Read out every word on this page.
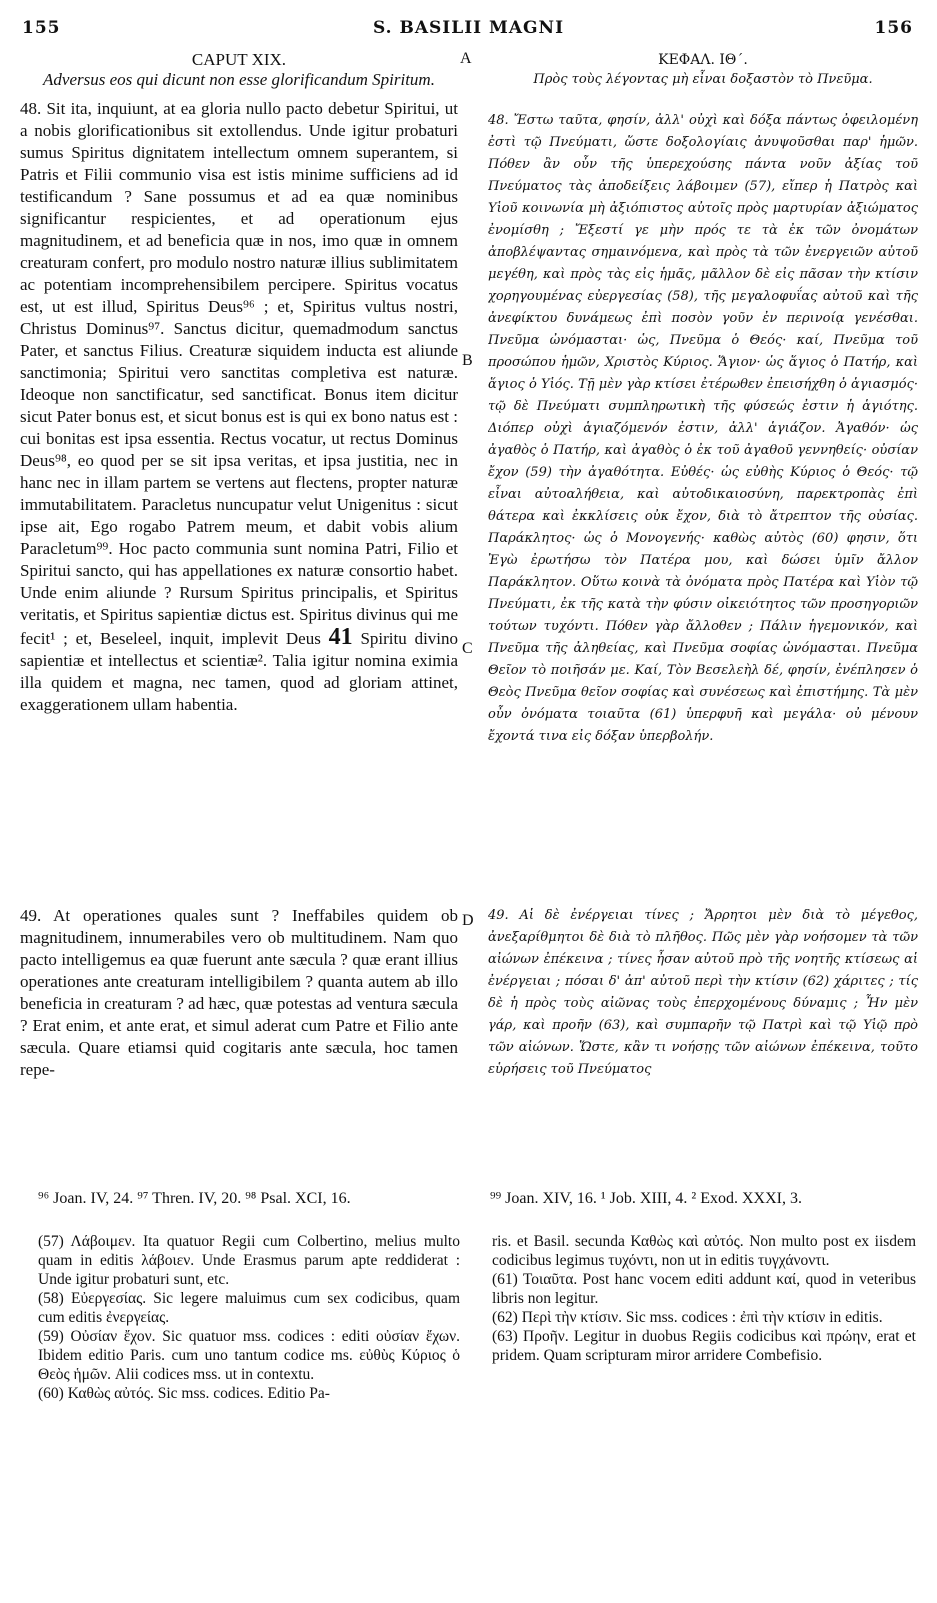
155	S. BASILII MAGNI	156

CAPUT XIX.

Adversus eos qui dicunt non esse glorificandum Spiritum.

48. Sit ita, inquiunt, at ea gloria nullo pacto debetur Spiritui, ut a nobis glorificationibus sit extollendus. Unde igitur probaturi sumus Spiritus dignitatem intellectum omnem superantem, si Patris et Filii communio visa est istis minime sufficiens ad id testificandum ? Sane possumus et ad ea quæ nominibus significantur respicientes, et ad operationum ejus magnitudinem, et ad beneficia quæ in nos, imo quæ in omnem creaturam confert, pro modulo nostro naturæ illius sublimitatem ac potentiam incomprehensibilem percipere. Spiritus vocatus est, ut est illud, Spiritus Deus⁹⁶ ; et, Spiritus vultus nostri, Christus Dominus⁹⁷. Sanctus dicitur, quemadmodum sanctus Pater, et sanctus Filius. Creaturæ siquidem inducta est aliunde sanctimonia; Spiritui vero sanctitas completiva est naturæ. Ideoque non sanctificatur, sed sanctificat. Bonus item dicitur sicut Pater bonus est, et sicut bonus est is qui ex bono natus est : cui bonitas est ipsa essentia. Rectus vocatur, ut rectus Dominus Deus⁹⁸, eo quod per se sit ipsa veritas, et ipsa justitia, nec in hanc nec in illam partem se vertens aut flectens, propter naturæ immutabilitatem. Paracletus nuncupatur velut Unigenitus : sicut ipse ait, Ego rogabo Patrem meum, et dabit vobis alium Paracletum⁹⁹. Hoc pacto communia sunt nomina Patri, Filio et Spiritui sancto, qui has appellationes ex naturæ consortio habet. Unde enim aliunde ? Rursum Spiritus principalis, et Spiritus veritatis, et Spiritus sapientiæ dictus est. Spiritus divinus qui me fecit¹ ; et, Beseleel, inquit, implevit Deus 41 Spiritu divino sapientiæ et intellectus et scientiæ². Talia igitur nomina eximia illa quidem et magna, nec tamen, quod ad gloriam attinet, exaggerationem ullam habentia.

ΚΕΦΑΛ. ΙΘ΄.

Πρὸς τοὺς λέγοντας μὴ εἶναι δοξαστὸν τὸ Πνεῦμα.

48. Ἔστω ταῦτα, φησίν, ἀλλ' οὐχὶ καὶ δόξα πάντως ὀφειλομένη ἐστὶ τῷ Πνεύματι, ὥστε δοξολογίαις ἀνυψοῦσθαι παρ' ἡμῶν. Πόθεν ἂν οὖν τῆς ὑπερεχούσης πάντα νοῦν ἀξίας τοῦ Πνεύματος τὰς ἀποδείξεις λάβοιμεν (57), εἴπερ ἡ Πατρὸς καὶ Υἱοῦ κοινωνία μὴ ἀξιόπιστος αὐτοῖς πρὸς μαρτυρίαν ἀξιώματος ἐνομίσθη ; Ἔξεστί γε μὴν πρός τε τὰ ἐκ τῶν ὀνομάτων ἀποβλέψαντας σημαινόμενα, καὶ πρὸς τὰ τῶν ἐνεργειῶν αὐτοῦ μεγέθη, καὶ πρὸς τὰς εἰς ἡμᾶς, μᾶλλον δὲ εἰς πᾶσαν τὴν κτίσιν χορηγουμένας εὐεργεσίας (58), τῆς μεγαλοφυΐας αὐτοῦ καὶ τῆς ἀνεφίκτου δυνάμεως ἐπὶ ποσὸν γοῦν ἐν περινοίᾳ γενέσθαι. Πνεῦμα ὠνόμασται· ὡς, Πνεῦμα ὁ Θεός· καί, Πνεῦμα τοῦ προσώπου ἡμῶν, Χριστὸς Κύριος. Ἅγιον· ὡς ἅγιος ὁ Πατήρ, καὶ ἅγιος ὁ Υἱός. Τῇ μὲν γὰρ κτίσει ἐτέρωθεν ἐπεισήχθη ὁ ἁγιασμός· τῷ δὲ Πνεύματι συμπληρωτικὴ τῆς φύσεώς ἐστιν ἡ ἁγιότης. Διόπερ οὐχὶ ἁγιαζόμενόν ἐστιν, ἀλλ' ἁγιάζον. Ἀγαθόν· ὡς ἀγαθὸς ὁ Πατήρ, καὶ ἀγαθὸς ὁ ἐκ τοῦ ἀγαθοῦ γεννηθείς· οὐσίαν ἔχον (59) τὴν ἀγαθότητα. Εὐθές· ὡς εὐθὴς Κύριος ὁ Θεός· τῷ εἶναι αὐτοαλήθεια, καὶ αὐτοδικαιοσύνη, παρεκτροπὰς ἐπὶ θάτερα καὶ ἐκκλίσεις οὐκ ἔχον, διὰ τὸ ἄτρεπτον τῆς οὐσίας. Παράκλητος· ὡς ὁ Μονογενής· καθὼς αὐτὸς (60) φησιν, ὅτι Ἐγὼ ἐρωτήσω τὸν Πατέρα μου, καὶ δώσει ὑμῖν ἄλλον Παράκλητον. Οὕτω κοινὰ τὰ ὀνόματα πρὸς Πατέρα καὶ Υἱὸν τῷ Πνεύματι, ἐκ τῆς κατὰ τὴν φύσιν οἰκειότητος τῶν προσηγοριῶν τούτων τυχόντι. Πόθεν γὰρ ἄλλοθεν ; Πάλιν ἡγεμονικόν, καὶ Πνεῦμα τῆς ἀληθείας, καὶ Πνεῦμα σοφίας ὠνόμασται. Πνεῦμα Θεῖον τὸ ποιῆσάν με. Καί, Τὸν Βεσελεὴλ δέ, φησίν, ἐνέπλησεν ὁ Θεὸς Πνεῦμα θεῖον σοφίας καὶ συνέσεως καὶ ἐπιστήμης. Τὰ μὲν οὖν ὀνόματα τοιαῦτα (61) ὑπερφυῆ καὶ μεγάλα· οὐ μένουν ἔχοντά τινα εἰς δόξαν ὑπερβολήν.

49. At operationes quales sunt ? Ineffabiles quidem ob magnitudinem, innumerabiles vero ob multitudinem. Nam quo pacto intelligemus ea quæ fuerunt ante sæcula ? quæ erant illius operationes ante creaturam intelligibilem ? quanta autem ab illo beneficia in creaturam ? ad hæc, quæ potestas ad ventura sæcula ? Erat enim, et ante erat, et simul aderat cum Patre et Filio ante sæcula. Quare etiamsi quid cogitaris ante sæcula, hoc tamen repe-

49. Αἱ δὲ ἐνέργειαι τίνες ; Ἄρρητοι μὲν διὰ τὸ μέγεθος, ἀνεξαρίθμητοι δὲ διὰ τὸ πλῆθος. Πῶς μὲν γὰρ νοήσομεν τὰ τῶν αἰώνων ἐπέκεινα ; τίνες ἦσαν αὐτοῦ πρὸ τῆς νοητῆς κτίσεως αἱ ἐνέργειαι ; πόσαι δ' ἀπ' αὐτοῦ περὶ τὴν κτίσιν (62) χάριτες ; τίς δὲ ἡ πρὸς τοὺς αἰῶνας τοὺς ἐπερχομένους δύναμις ; Ἦν μὲν γάρ, καὶ προῆν (63), καὶ συμπαρῆν τῷ Πατρὶ καὶ τῷ Υἱῷ πρὸ τῶν αἰώνων. Ὥστε, κἂν τι νοήσῃς τῶν αἰώνων ἐπέκεινα, τοῦτο εὑρήσεις τοῦ Πνεύματος

A
B
C
D
⁹⁶ Joan. IV, 24. ⁹⁷ Thren. IV, 20. ⁹⁸ Psal. XCI, 16.	⁹⁹ Joan. XIV, 16. ¹ Job. XIII, 4. ² Exod. XXXI, 3.

(57) Λάβοιμεν. Ita quatuor Regii cum Colbertino, melius multo quam in editis λάβοιεν. Unde Erasmus parum apte reddiderat : Unde igitur probaturi sunt, etc.

(58) Εὐεργεσίας. Sic legere maluimus cum sex codicibus, quam cum editis ἐνεργείας.

(59) Οὐσίαν ἔχον. Sic quatuor mss. codices : editi οὐσίαν ἔχων. Ibidem editio Paris. cum uno tantum codice ms. εὐθὺς Κύριος ὁ Θεὸς ἡμῶν. Alii codices mss. ut in contextu.

(60) Καθὼς αὐτός. Sic mss. codices. Editio Pa-

ris. et Basil. secunda Καθὼς καὶ αὐτός. Non multo post ex iisdem codicibus legimus τυχόντι, non ut in editis τυγχάνοντι.

(61) Τοιαῦτα. Post hanc vocem editi addunt καί, quod in veteribus libris non legitur.

(62) Περὶ τὴν κτίσιν. Sic mss. codices : ἐπὶ τὴν κτίσιν in editis.

(63) Προῆν. Legitur in duobus Regiis codicibus καὶ πρώην, erat et pridem. Quam scripturam miror arridere Combefisio.
